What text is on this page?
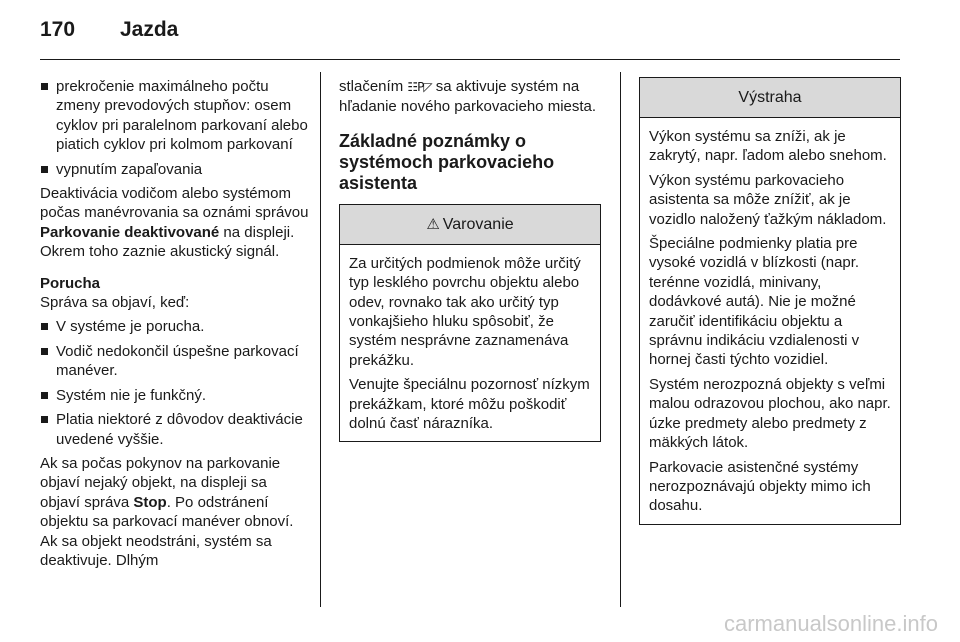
170 Jazda
prekročenie maximálneho počtu zmeny prevodových stupňov: osem cyklov pri paralelnom parkovaní alebo piatich cyklov pri kolmom parkovaní
vypnutím zapaľovania

Deaktivácia vodičom alebo systémom počas manévrovania sa oznámi správou Parkovanie deaktivované na displeji. Okrem toho zaznie akustický signál.

Porucha

Správa sa objaví, keď:

V systéme je porucha.
Vodič nedokončil úspešne parkovací manéver.
Systém nie je funkčný.
Platia niektoré z dôvodov deaktivácie uvedené vyššie.

Ak sa počas pokynov na parkovanie objaví nejaký objekt, na displeji sa objaví správa Stop. Po odstránení objektu sa parkovací manéver obnoví. Ak sa objekt neodstráni, systém sa deaktivuje. Dlhým

stlačením ☷P◸ sa aktivuje systém na hľadanie nového parkovacieho miesta.

Základné poznámky o systémoch parkovacieho asistenta
⚠ Varovanie

Za určitých podmienok môže určitý typ lesklého povrchu objektu alebo odev, rovnako tak ako určitý typ vonkajšieho hluku spôsobiť, že systém nesprávne zaznamenáva prekážku.

Venujte špeciálnu pozornosť nízkym prekážkam, ktoré môžu poškodiť dolnú časť nárazníka.

Výstraha

Výkon systému sa zníži, ak je zakrytý, napr. ľadom alebo snehom.

Výkon systému parkovacieho asistenta sa môže znížiť, ak je vozidlo naložený ťažkým nákladom.

Špeciálne podmienky platia pre vysoké vozidlá v blízkosti (napr. terénne vozidlá, minivany, dodávkové autá). Nie je možné zaručiť identifikáciu objektu a správnu indikáciu vzdialenosti v hornej časti týchto vozidiel.

Systém nerozpozná objekty s veľmi malou odrazovou plochou, ako napr. úzke predmety alebo predmety z mäkkých látok.

Parkovacie asistenčné systémy nerozpoznávajú objekty mimo ich dosahu.

carmanualsonline.info
